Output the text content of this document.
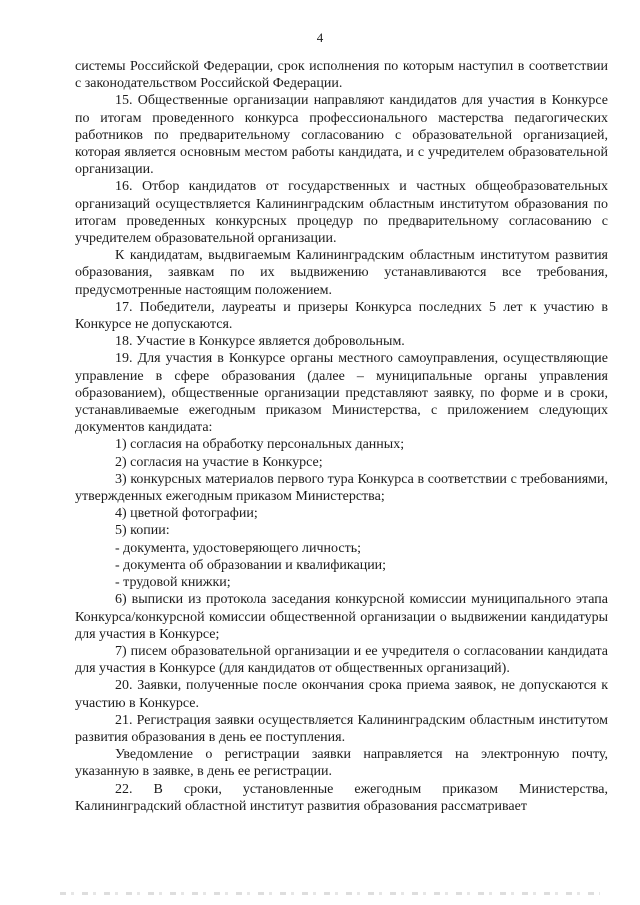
4

системы Российской Федерации, срок исполнения по которым наступил в соответствии с законодательством Российской Федерации.

15. Общественные организации направляют кандидатов для участия в Конкурсе по итогам проведенного конкурса профессионального мастерства педагогических работников по предварительному согласованию с образовательной организацией, которая является основным местом работы кандидата, и с учредителем образовательной организации.

16. Отбор кандидатов от государственных и частных общеобразовательных организаций осуществляется Калининградским областным институтом образования по итогам проведенных конкурсных процедур по предварительному согласованию с учредителем образовательной организации.

К кандидатам, выдвигаемым Калининградским областным институтом развития образования, заявкам по их выдвижению устанавливаются все требования, предусмотренные настоящим положением.

17. Победители, лауреаты и призеры Конкурса последних 5 лет к участию в Конкурсе не допускаются.

18. Участие в Конкурсе является добровольным.

19. Для участия в Конкурсе органы местного самоуправления, осуществляющие управление в сфере образования (далее – муниципальные органы управления образованием), общественные организации представляют заявку, по форме и в сроки, устанавливаемые ежегодным приказом Министерства, с приложением следующих документов кандидата:

1) согласия на обработку персональных данных;

2) согласия на участие в Конкурсе;

3) конкурсных материалов первого тура Конкурса в соответствии с требованиями, утвержденных ежегодным приказом Министерства;

4) цветной фотографии;

5) копии:

- документа, удостоверяющего личность;

- документа об образовании и квалификации;

- трудовой книжки;

6) выписки из протокола заседания конкурсной комиссии муниципального этапа Конкурса/конкурсной комиссии общественной организации о выдвижении кандидатуры для участия в Конкурсе;

7) писем образовательной организации и ее учредителя о согласовании кандидата для участия в Конкурсе (для кандидатов от общественных организаций).

20. Заявки, полученные после окончания срока приема заявок, не допускаются к участию в Конкурсе.

21. Регистрация заявки осуществляется Калининградским областным институтом развития образования в день ее поступления.

Уведомление о регистрации заявки направляется на электронную почту, указанную в заявке, в день ее регистрации.

22. В сроки, установленные ежегодным приказом Министерства, Калининградский областной институт развития образования рассматривает
